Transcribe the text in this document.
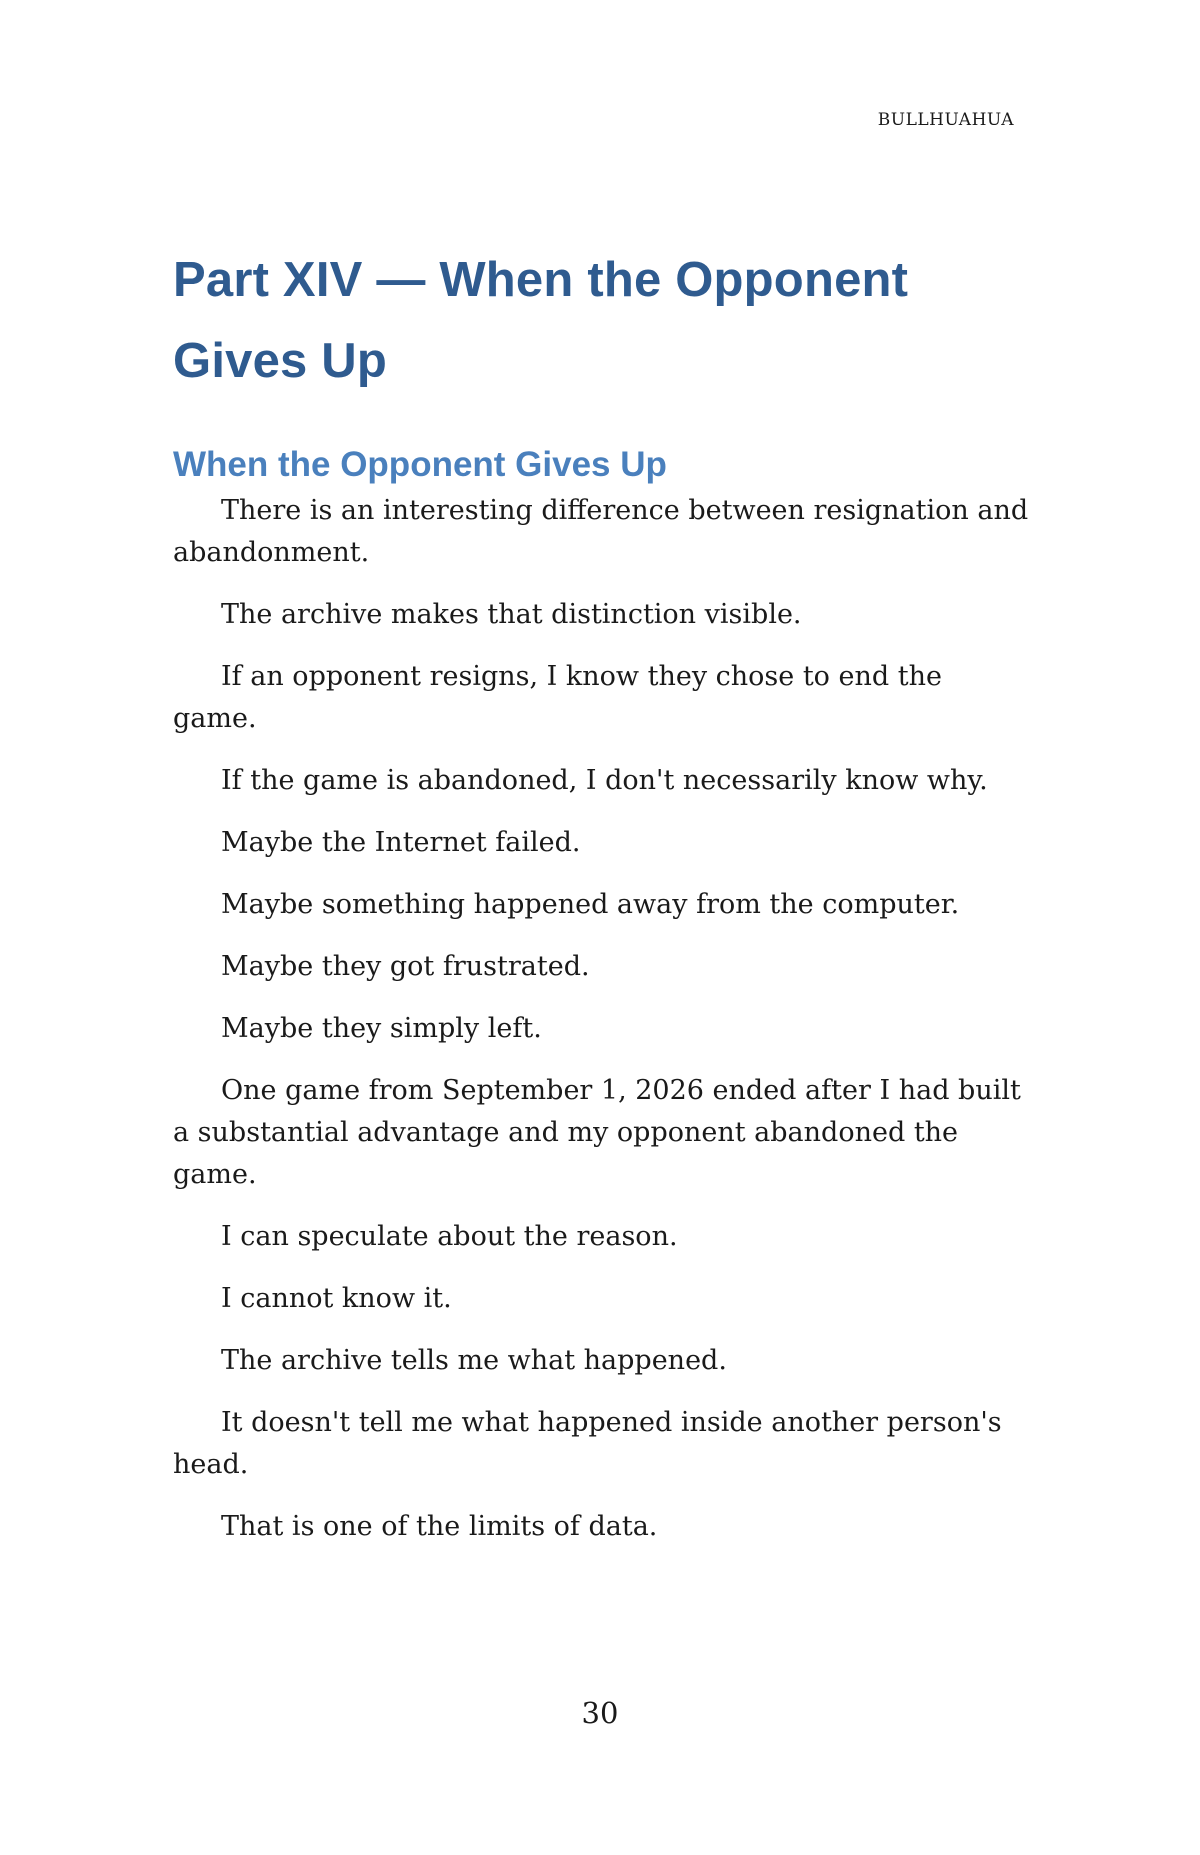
BULLHUAHUA
Part XIV — When the Opponent
Gives Up
When the Opponent Gives Up

There is an interesting difference between resignation and abandonment.

The archive makes that distinction visible.

If an opponent resigns, I know they chose to end the game.

If the game is abandoned, I don't necessarily know why.

Maybe the Internet failed.

Maybe something happened away from the computer.

Maybe they got frustrated.

Maybe they simply left.

One game from September 1, 2026 ended after I had built a substantial advantage and my opponent abandoned the game.

I can speculate about the reason.

I cannot know it.

The archive tells me what happened.

It doesn't tell me what happened inside another person's head.

That is one of the limits of data.

30
